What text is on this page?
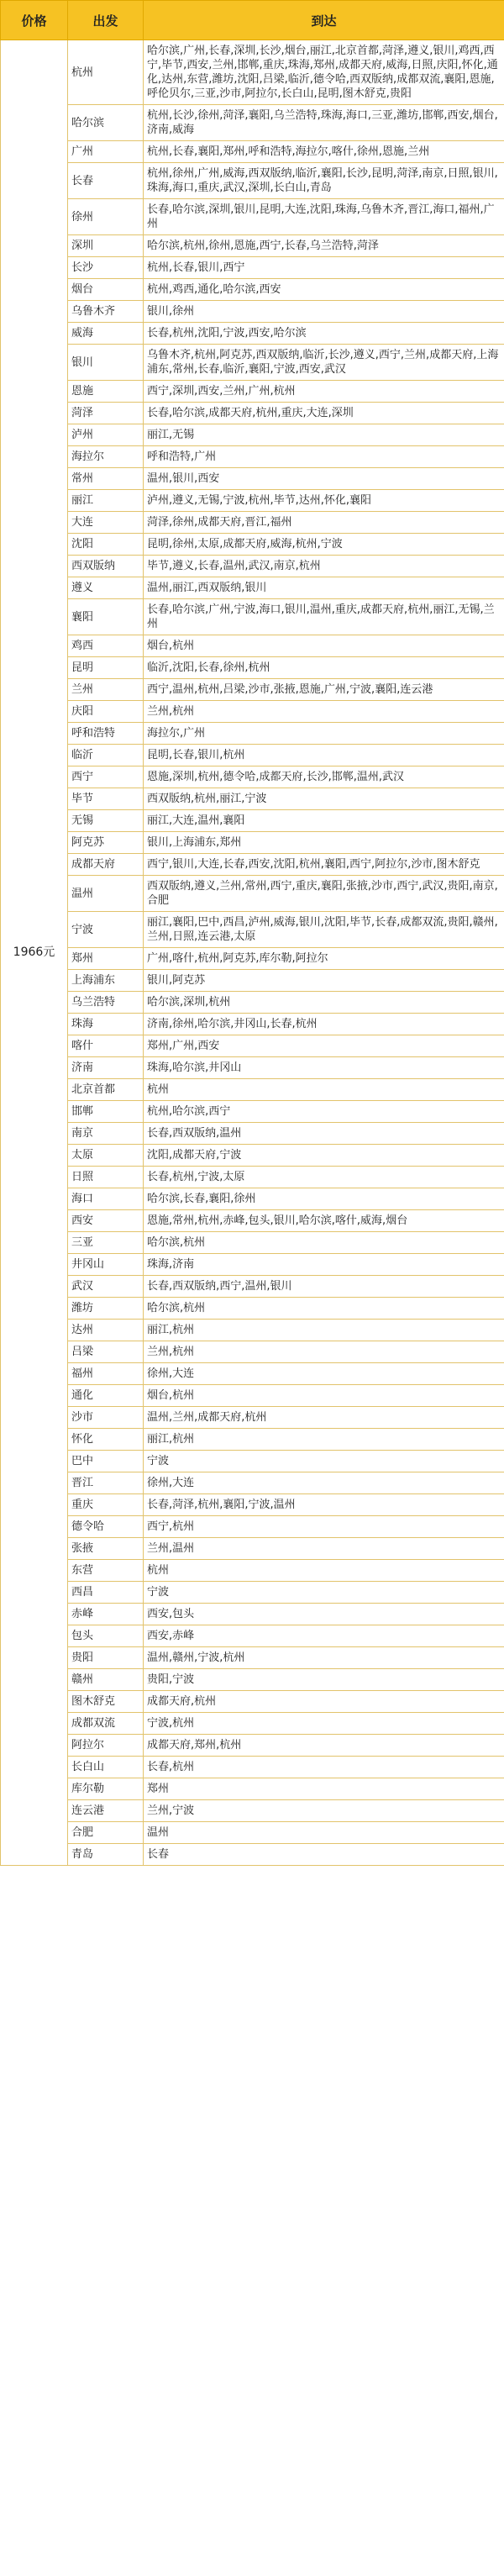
价格	出发	到达
1966元	杭州	哈尔滨,广州,长春,深圳,长沙,烟台,丽江,北京首都,菏泽,遵义,银川,鸡西,西宁,毕节,西安,兰州,邯郸,重庆,珠海,郑州,成都天府,威海,日照,庆阳,怀化,通化,达州,东营,潍坊,沈阳,吕梁,临沂,德令哈,西双版纳,成都双流,襄阳,恩施,呼伦贝尔,三亚,沙市,阿拉尔,长白山,昆明,图木舒克,贵阳
	哈尔滨	杭州,长沙,徐州,菏泽,襄阳,乌兰浩特,珠海,海口,三亚,潍坊,邯郸,西安,烟台,济南,威海
	广州	杭州,长春,襄阳,郑州,呼和浩特,海拉尔,喀什,徐州,恩施,兰州
	长春	杭州,徐州,广州,威海,西双版纳,临沂,襄阳,长沙,昆明,菏泽,南京,日照,银川,珠海,海口,重庆,武汉,深圳,长白山,青岛
	徐州	长春,哈尔滨,深圳,银川,昆明,大连,沈阳,珠海,乌鲁木齐,晋江,海口,福州,广州
	深圳	哈尔滨,杭州,徐州,恩施,西宁,长春,乌兰浩特,菏泽
	长沙	杭州,长春,银川,西宁
	烟台	杭州,鸡西,通化,哈尔滨,西安
	乌鲁木齐	银川,徐州
	威海	长春,杭州,沈阳,宁波,西安,哈尔滨
	银川	乌鲁木齐,杭州,阿克苏,西双版纳,临沂,长沙,遵义,西宁,兰州,成都天府,上海浦东,常州,长春,临沂,襄阳,宁波,西安,武汉
	恩施	西宁,深圳,西安,兰州,广州,杭州
	菏泽	长春,哈尔滨,成都天府,杭州,重庆,大连,深圳
	泸州	丽江,无锡
	海拉尔	呼和浩特,广州
	常州	温州,银川,西安
	丽江	泸州,遵义,无锡,宁波,杭州,毕节,达州,怀化,襄阳
	大连	菏泽,徐州,成都天府,晋江,福州
	沈阳	昆明,徐州,太原,成都天府,威海,杭州,宁波
	西双版纳	毕节,遵义,长春,温州,武汉,南京,杭州
	遵义	温州,丽江,西双版纳,银川
	襄阳	长春,哈尔滨,广州,宁波,海口,银川,温州,重庆,成都天府,杭州,丽江,无锡,兰州
	鸡西	烟台,杭州
	昆明	临沂,沈阳,长春,徐州,杭州
	兰州	西宁,温州,杭州,吕梁,沙市,张掖,恩施,广州,宁波,襄阳,连云港
	庆阳	兰州,杭州
	呼和浩特	海拉尔,广州
	临沂	昆明,长春,银川,杭州
	西宁	恩施,深圳,杭州,德令哈,成都天府,长沙,邯郸,温州,武汉
	毕节	西双版纳,杭州,丽江,宁波
	无锡	丽江,大连,温州,襄阳
	阿克苏	银川,上海浦东,郑州
	成都天府	西宁,银川,大连,长春,西安,沈阳,杭州,襄阳,西宁,阿拉尔,沙市,图木舒克
	温州	西双版纳,遵义,兰州,常州,西宁,重庆,襄阳,张掖,沙市,西宁,武汉,贵阳,南京,合肥
	宁波	丽江,襄阳,巴中,西昌,泸州,威海,银川,沈阳,毕节,长春,成都双流,贵阳,赣州,兰州,日照,连云港,太原
	郑州	广州,喀什,杭州,阿克苏,库尔勒,阿拉尔
	上海浦东	银川,阿克苏
	乌兰浩特	哈尔滨,深圳,杭州
	珠海	济南,徐州,哈尔滨,井冈山,长春,杭州
	喀什	郑州,广州,西安
	济南	珠海,哈尔滨,井冈山
	北京首都	杭州
	邯郸	杭州,哈尔滨,西宁
	南京	长春,西双版纳,温州
	太原	沈阳,成都天府,宁波
	日照	长春,杭州,宁波,太原
	海口	哈尔滨,长春,襄阳,徐州
	西安	恩施,常州,杭州,赤峰,包头,银川,哈尔滨,喀什,威海,烟台
	三亚	哈尔滨,杭州
	井冈山	珠海,济南
	武汉	长春,西双版纳,西宁,温州,银川
	潍坊	哈尔滨,杭州
	达州	丽江,杭州
	吕梁	兰州,杭州
	福州	徐州,大连
	通化	烟台,杭州
	沙市	温州,兰州,成都天府,杭州
	怀化	丽江,杭州
	巴中	宁波
	晋江	徐州,大连
	重庆	长春,菏泽,杭州,襄阳,宁波,温州
	德令哈	西宁,杭州
	张掖	兰州,温州
	东营	杭州
	西昌	宁波
	赤峰	西安,包头
	包头	西安,赤峰
	贵阳	温州,赣州,宁波,杭州
	赣州	贵阳,宁波
	图木舒克	成都天府,杭州
	成都双流	宁波,杭州
	阿拉尔	成都天府,郑州,杭州
	长白山	长春,杭州
	库尔勒	郑州
	连云港	兰州,宁波
	合肥	温州
	青岛	长春
